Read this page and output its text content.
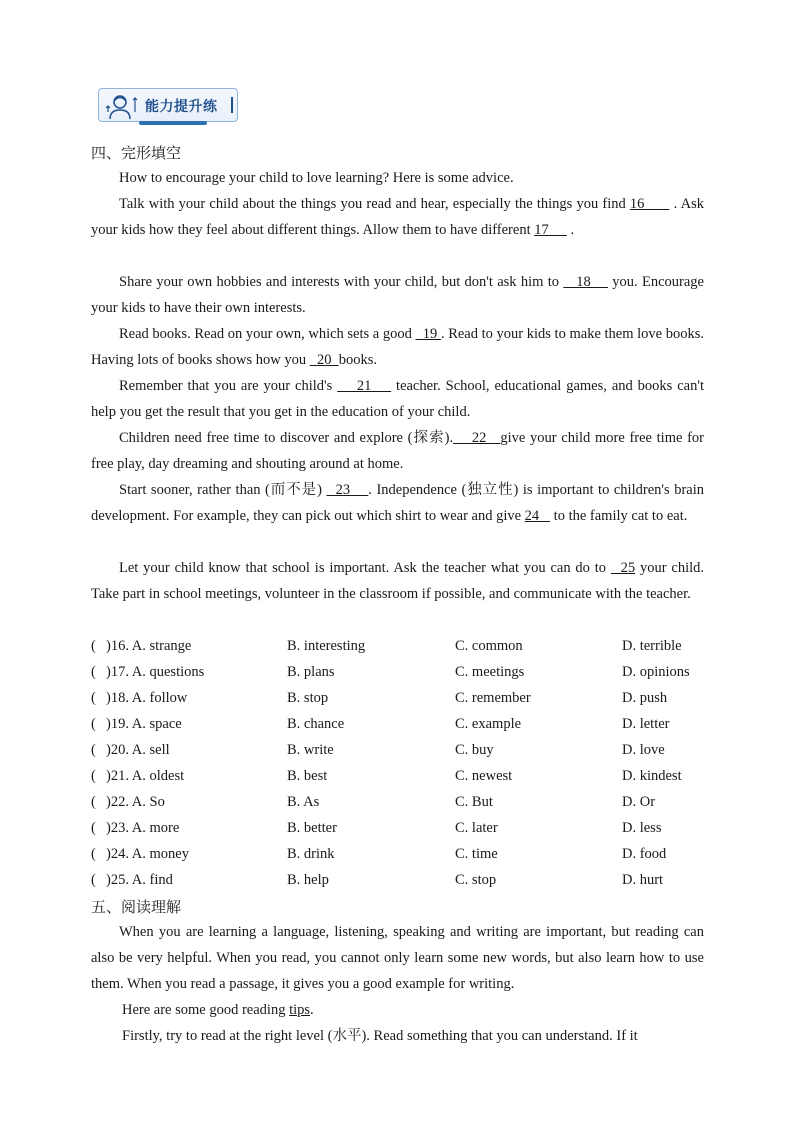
能力提升练
四、完形填空
How to encourage your child to love learning? Here is some advice.
Talk with your child about the things you read and hear, especially the things you find 16       . Ask your kids how they feel about different things. Allow them to have different 17      .
Share your own hobbies and interests with your child, but don't ask him to    18     you. Encourage your kids to have their own interests.
Read books. Read on your own, which sets a good   19 . Read to your kids to make them love books. Having lots of books shows how you   20  books.
Remember that you are your child's     21     teacher. School, educational games, and books can't help you get the result that you get in the education of your child.
Children need free time to discover and explore (探索).    22   give your child more free time for free play, day dreaming and shouting around at home.
Start sooner, rather than (而不是)   23    . Independence (独立性) is important to children's brain development. For example, they can pick out which shirt to wear and give 24    to the family cat to eat.
Let your child know that school is important. Ask the teacher what you can do to   25 your child. Take part in school meetings, volunteer in the classroom if possible, and communicate with the teacher.
( )16. A. strange	B. interesting	C. common	D. terrible
( )17. A. questions	B. plans	C. meetings	D. opinions
( )18. A. follow	B. stop	C. remember	D. push
( )19. A. space	B. chance	C. example	D. letter
( )20. A. sell	B. write	C. buy	D. love
( )21. A. oldest	B. best	C. newest	D. kindest
( )22. A. So	B. As	C. But	D. Or
( )23. A. more	B. better	C. later	D. less
( )24. A. money	B. drink	C. time	D. food
( )25. A. find	B. help	C. stop	D. hurt
五、阅读理解
When you are learning a language, listening, speaking and writing are important, but reading can also be very helpful. When you read, you cannot only learn some new words, but also learn how to use them. When you read a passage, it gives you a good example for writing.
Here are some good reading tips.
Firstly, try to read at the right level (水平). Read something that you can understand. If it
